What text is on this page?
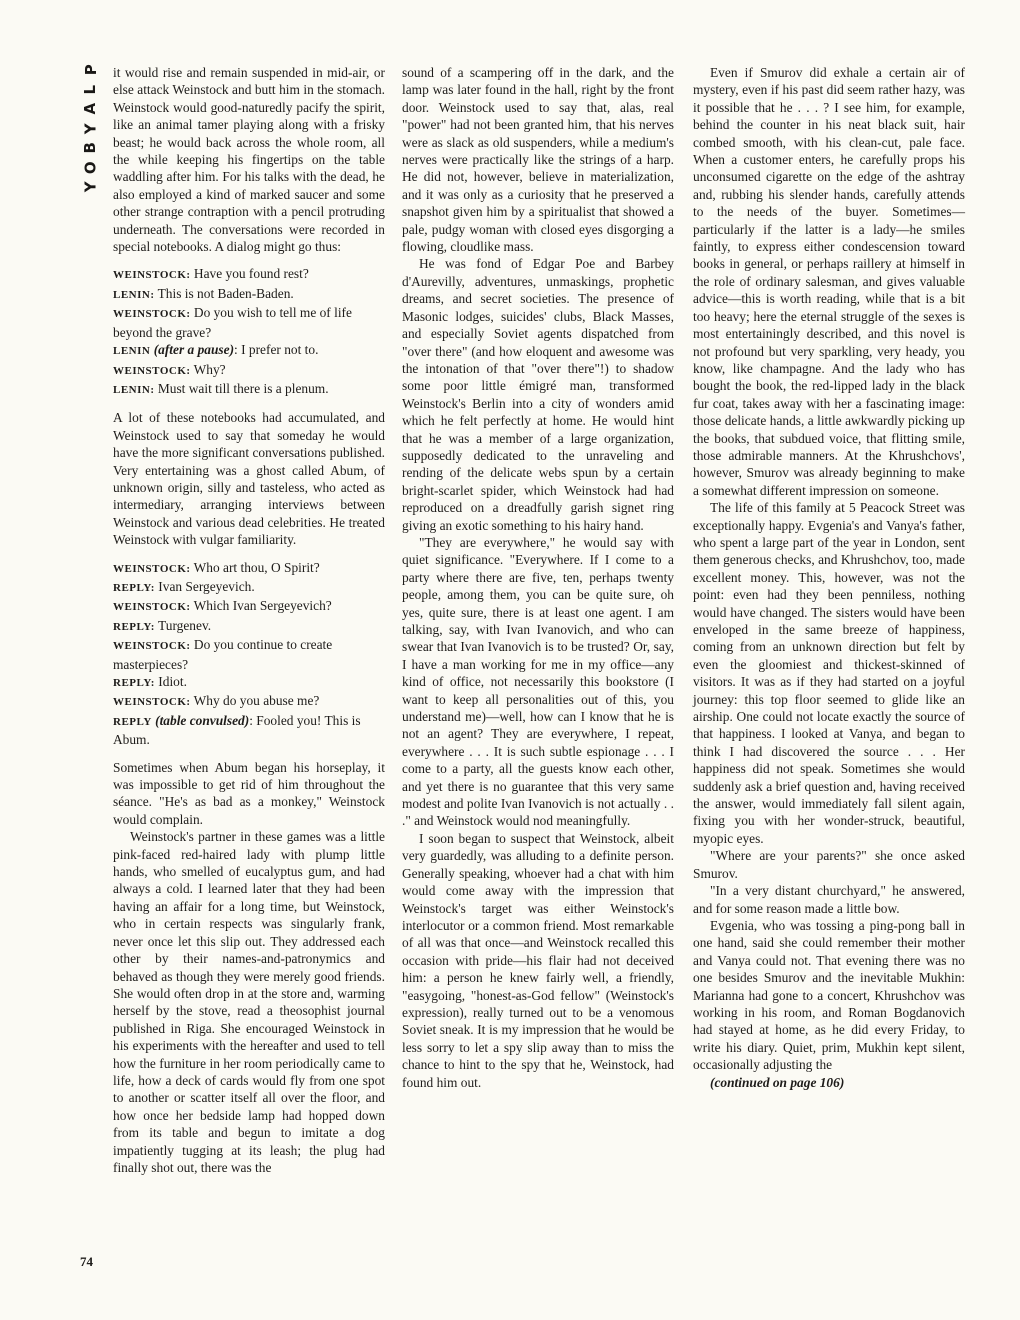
P
L
A
Y
B
O
Y
74

it would rise and remain suspended in mid-air, or else attack Weinstock and butt him in the stomach. Weinstock would good-naturedly pacify the spirit, like an animal tamer playing along with a frisky beast; he would back across the whole room, all the while keeping his fingertips on the table waddling after him. For his talks with the dead, he also employed a kind of marked saucer and some other strange contraption with a pencil protruding underneath. The conversations were recorded in special notebooks. A dialog might go thus:

WEINSTOCK: Have you found rest?

LENIN: This is not Baden-Baden.

WEINSTOCK: Do you wish to tell me of life beyond the grave?

LENIN (after a pause): I prefer not to.

WEINSTOCK: Why?

LENIN: Must wait till there is a plenum.

A lot of these notebooks had accumulated, and Weinstock used to say that someday he would have the more significant conversations published. Very entertaining was a ghost called Abum, of unknown origin, silly and tasteless, who acted as intermediary, arranging interviews between Weinstock and various dead celebrities. He treated Weinstock with vulgar familiarity.

WEINSTOCK: Who art thou, O Spirit?

REPLY: Ivan Sergeyevich.

WEINSTOCK: Which Ivan Sergeyevich?

REPLY: Turgenev.

WEINSTOCK: Do you continue to create masterpieces?

REPLY: Idiot.

WEINSTOCK: Why do you abuse me?

REPLY (table convulsed): Fooled you! This is Abum.

Sometimes when Abum began his horseplay, it was impossible to get rid of him throughout the séance. "He's as bad as a monkey," Weinstock would complain.

Weinstock's partner in these games was a little pink-faced red-haired lady with plump little hands, who smelled of eucalyptus gum, and had always a cold. I learned later that they had been having an affair for a long time, but Weinstock, who in certain respects was singularly frank, never once let this slip out. They addressed each other by their names-and-patronymics and behaved as though they were merely good friends. She would often drop in at the store and, warming herself by the stove, read a theosophist journal published in Riga. She encouraged Weinstock in his experiments with the hereafter and used to tell how the furniture in her room periodically came to life, how a deck of cards would fly from one spot to another or scatter itself all over the floor, and how once her bedside lamp had hopped down from its table and begun to imitate a dog impatiently tugging at its leash; the plug had finally shot out, there was the

sound of a scampering off in the dark, and the lamp was later found in the hall, right by the front door. Weinstock used to say that, alas, real "power" had not been granted him, that his nerves were as slack as old suspenders, while a medium's nerves were practically like the strings of a harp. He did not, however, believe in materialization, and it was only as a curiosity that he preserved a snapshot given him by a spiritualist that showed a pale, pudgy woman with closed eyes disgorging a flowing, cloudlike mass.

He was fond of Edgar Poe and Barbey d'Aurevilly, adventures, unmaskings, prophetic dreams, and secret societies. The presence of Masonic lodges, suicides' clubs, Black Masses, and especially Soviet agents dispatched from "over there" (and how eloquent and awesome was the intonation of that "over there"!) to shadow some poor little émigré man, transformed Weinstock's Berlin into a city of wonders amid which he felt perfectly at home. He would hint that he was a member of a large organization, supposedly dedicated to the unraveling and rending of the delicate webs spun by a certain bright-scarlet spider, which Weinstock had had reproduced on a dreadfully garish signet ring giving an exotic something to his hairy hand.

"They are everywhere," he would say with quiet significance. "Everywhere. If I come to a party where there are five, ten, perhaps twenty people, among them, you can be quite sure, oh yes, quite sure, there is at least one agent. I am talking, say, with Ivan Ivanovich, and who can swear that Ivan Ivanovich is to be trusted? Or, say, I have a man working for me in my office—any kind of office, not necessarily this bookstore (I want to keep all personalities out of this, you understand me)—well, how can I know that he is not an agent? They are everywhere, I repeat, everywhere . . . It is such subtle espionage . . . I come to a party, all the guests know each other, and yet there is no guarantee that this very same modest and polite Ivan Ivanovich is not actually . . ." and Weinstock would nod meaningfully.

I soon began to suspect that Weinstock, albeit very guardedly, was alluding to a definite person. Generally speaking, whoever had a chat with him would come away with the impression that Weinstock's target was either Weinstock's interlocutor or a common friend. Most remarkable of all was that once—and Weinstock recalled this occasion with pride—his flair had not deceived him: a person he knew fairly well, a friendly, "easygoing, "honest-as-God fellow" (Weinstock's expression), really turned out to be a venomous Soviet sneak. It is my impression that he would be less sorry to let a spy slip away than to miss the chance to hint to the spy that he, Weinstock, had found him out.

Even if Smurov did exhale a certain air of mystery, even if his past did seem rather hazy, was it possible that he . . . ? I see him, for example, behind the counter in his neat black suit, hair combed smooth, with his clean-cut, pale face. When a customer enters, he carefully props his unconsumed cigarette on the edge of the ashtray and, rubbing his slender hands, carefully attends to the needs of the buyer. Sometimes—particularly if the latter is a lady—he smiles faintly, to express either condescension toward books in general, or perhaps raillery at himself in the role of ordinary salesman, and gives valuable advice—this is worth reading, while that is a bit too heavy; here the eternal struggle of the sexes is most entertainingly described, and this novel is not profound but very sparkling, very heady, you know, like champagne. And the lady who has bought the book, the red-lipped lady in the black fur coat, takes away with her a fascinating image: those delicate hands, a little awkwardly picking up the books, that subdued voice, that flitting smile, those admirable manners. At the Khrushchovs', however, Smurov was already beginning to make a somewhat different impression on someone.

The life of this family at 5 Peacock Street was exceptionally happy. Evgenia's and Vanya's father, who spent a large part of the year in London, sent them generous checks, and Khrushchov, too, made excellent money. This, however, was not the point: even had they been penniless, nothing would have changed. The sisters would have been enveloped in the same breeze of happiness, coming from an unknown direction but felt by even the gloomiest and thickest-skinned of visitors. It was as if they had started on a joyful journey: this top floor seemed to glide like an airship. One could not locate exactly the source of that happiness. I looked at Vanya, and began to think I had discovered the source . . . Her happiness did not speak. Sometimes she would suddenly ask a brief question and, having received the answer, would immediately fall silent again, fixing you with her wonder-struck, beautiful, myopic eyes.

"Where are your parents?" she once asked Smurov.

"In a very distant churchyard," he answered, and for some reason made a little bow.

Evgenia, who was tossing a ping-pong ball in one hand, said she could remember their mother and Vanya could not. That evening there was no one besides Smurov and the inevitable Mukhin: Marianna had gone to a concert, Khrushchov was working in his room, and Roman Bogdanovich had stayed at home, as he did every Friday, to write his diary. Quiet, prim, Mukhin kept silent, occasionally adjusting the

(continued on page 106)
